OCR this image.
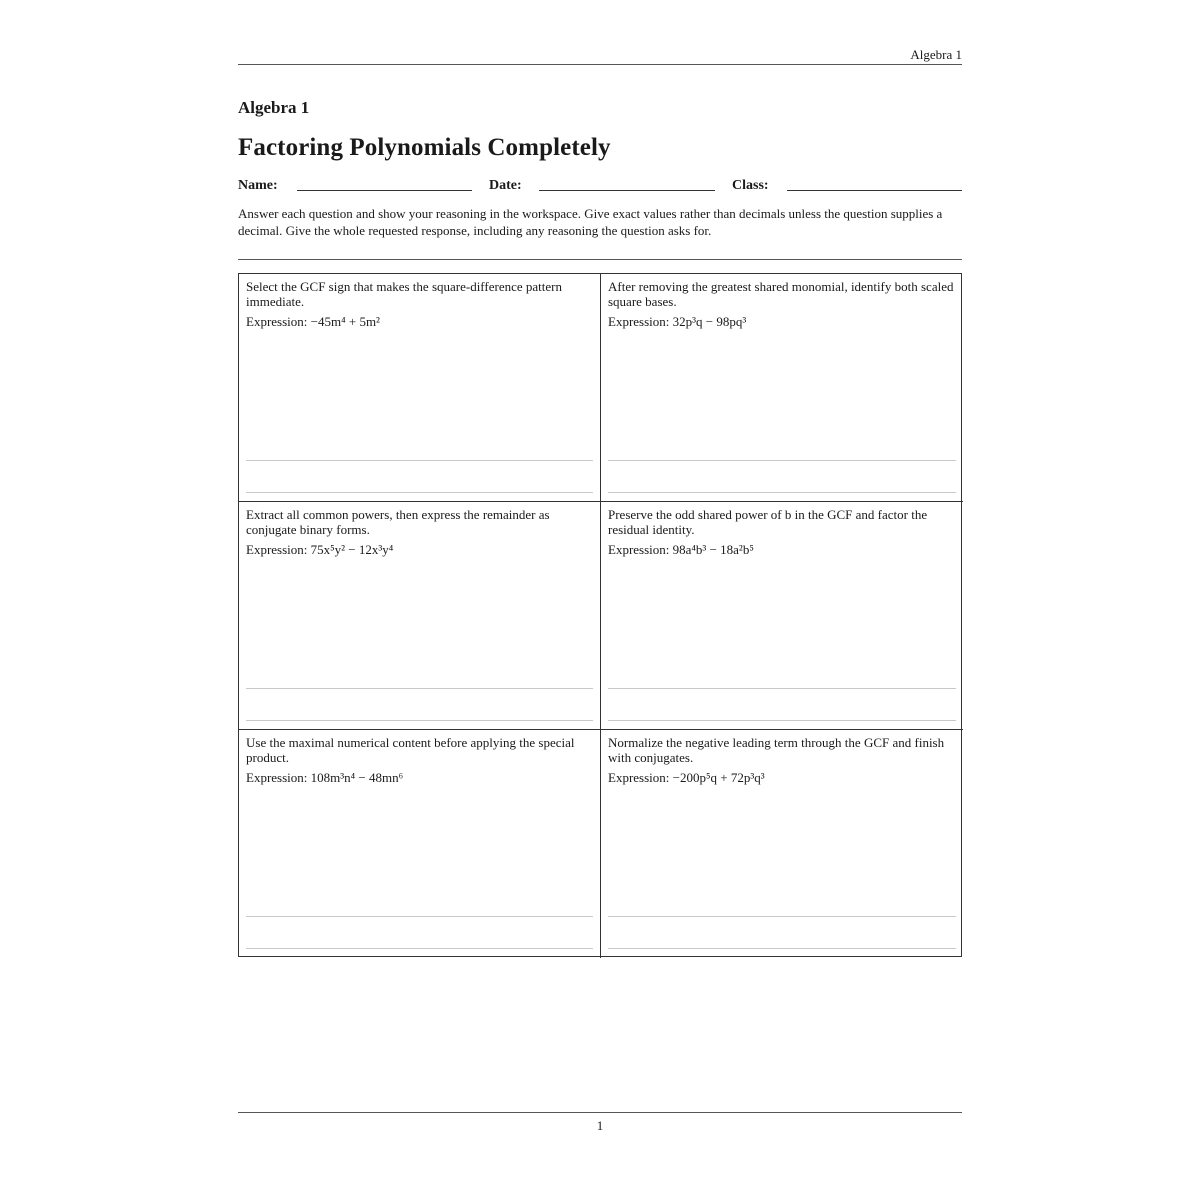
Algebra 1
Algebra 1
Factoring Polynomials Completely
Name:	Date:	Class:
Answer each question and show your reasoning in the workspace. Give exact values rather than decimals unless the question supplies a decimal. Give the whole requested response, including any reasoning the question asks for.
Select the GCF sign that makes the square-difference pattern immediate.
Expression: −45m⁴ + 5m²
After removing the greatest shared monomial, identify both scaled square bases.
Expression: 32p³q − 98pq³
Extract all common powers, then express the remainder as conjugate binary forms.
Expression: 75x⁵y² − 12x³y⁴
Preserve the odd shared power of b in the GCF and factor the residual identity.
Expression: 98a⁴b³ − 18a²b⁵
Use the maximal numerical content before applying the special product.
Expression: 108m³n⁴ − 48mn⁶
Normalize the negative leading term through the GCF and finish with conjugates.
Expression: −200p⁵q + 72p³q³
1
